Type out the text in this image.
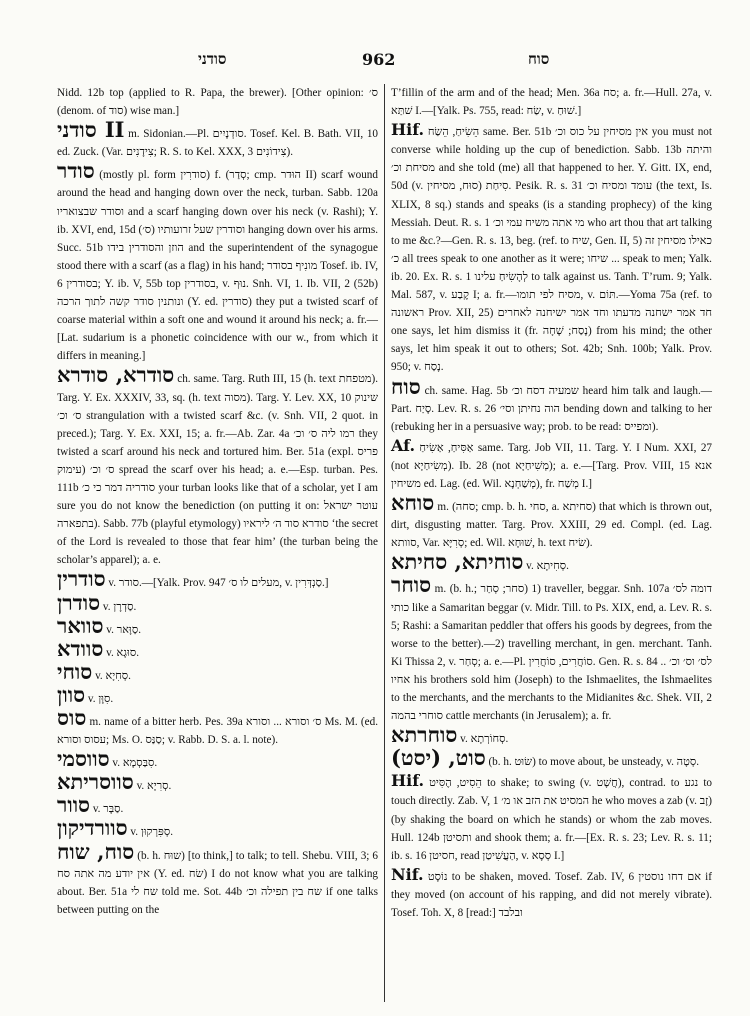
סודני	962	סוח

Nidd. 12b top (applied to R. Papa, the brewer). [Other opinion: ס׳ (denom. of סוד) wise man.]

סודני II m. Sidonian.—Pl. סודְנָיִים. Tosef. Kel. B. Bath. VII, 10 ed. Zuck. (Var. צִידָנִים; R. S. to Kel. XXX, 3 צִידוֹנִים).

סודר (mostly pl. form סודרִין) f. (סְדַר; cmp. הוּדר II) scarf wound around the head and hanging down over the neck, turban. Sabb. 120a וסודר שבצואריו and a scarf hanging down over his neck (v. Rashi); Y. ib. XVI, end, 15d וסודרין שעל זרועותיו (ס׳) hanging down over his arms. Succ. 51b הוזן והסודרין בידו and the superintendent of the synagogue stood there with a scarf (as a flag) in his hand; מונִיף בסודר Tosef. ib. IV, 6 בסודרין; Y. ib. V, 55b top בסודרין, v. נוּף. Snh. VI, 1. Ib. VII, 2 (52b) ונותנין סודר קשה לתוך הרכה (Y. ed. סודרין) they put a twisted scarf of coarse material within a soft one and wound it around his neck; a. fr.—[Lat. sudarium is a phonetic coincidence with our w., from which it differs in meaning.]

סודרא, סודרא ch. same. Targ. Ruth III, 15 (h. text מטפחת). Targ. Y. Ex. XXXIV, 33, sq. (h. text מסוה). Targ. Y. Lev. XX, 10 שינוק ס׳ וכ׳ strangulation with a twisted scarf &c. (v. Snh. VII, 2 quot. in preced.); Targ. Y. Ex. XXI, 15; a. fr.—Ab. Zar. 4a רמו ליה ס׳ וכ׳ they twisted a scarf around his neck and tortured him. Ber. 51a (expl. פריס ס׳ וכ׳ (עימוק spread the scarf over his head; a. e.—Esp. turban. Pes. 111b סודריה דמר כי כ׳ your turban looks like that of a scholar, yet I am sure you do not know the benediction (on putting it on: עוטר ישראל בתפארה). Sabb. 77b (playful etymology) סודרא סוד ה׳ ליראיו ‘the secret of the Lord is revealed to those that fear him’ (the turban being the scholar’s apparel); a. e.

סודרין v. סודר.—[Yalk. Prov. 947 מעלים לו ס׳, v. סַנְדְּרִין.]

סודרן v. סַדְרָן.

סוואר v. סַוָּאר.

סוודא v. סוּגָא.

סוחי v. סְחִיָא.

סוון v. סִוָּן.

סוס m. name of a bitter herb. Pes. 39a ס׳ וסורא ... וסורא Ms. M. (ed. עסוס וסורא; Ms. O. סַנַּס; v. Rabb. D. S. a. l. note).

סווסמי v. סִבַּסְמָא.

סווסריתא v. סְרִיָא.

סוור v. סַבָּר.

סוורדיקון v. סְפִּרְקוּן.

סוח, שוח (b. h. שוּח) [to think,] to talk; to tell. Shebu. VIII, 3; 6 אין יודע מה אתה סח (Y. ed. שׂח) I do not know what you are talking about. Ber. 51a שח לי told me. Sot. 44b שח בין תפילה וכ׳ if one talks between putting on the

T’fillin of the arm and of the head; Men. 36a סח; a. fr.—Hull. 27a, v. שׁתַּא I.—[Yalk. Ps. 755, read: שַׂח, v. שׁוּחַ.]

Hif. הֵשִׂיחַ, הֵשַׂח same. Ber. 51b אין מסיחין על כוס וכ׳ you must not converse while holding up the cup of benediction. Sabb. 13b והיתה מסיחת וכ׳ and she told (me) all that happened to her. Y. Gitt. IX, end, 50d (v. סוּח, מסיחין) סִיחַת. Pesik. R. s. 31 עומד ומסיח וכ׳ (the text, Is. XLIX, 8 sq.) stands and speaks (is a standing prophecy) of the king Messiah. Deut. R. s. 1 מי אתה משיח עמי וכ׳ who art thou that art talking to me &c.?—Gen. R. s. 13, beg. (ref. to שיח, Gen. II, 5) כאילו מסיחין זה כ׳ all trees speak to one another as it were; שיחו ... speak to men; Yalk. ib. 20. Ex. R. s. 1 לְהָשִׂיחַ עלינו to talk against us. Tanh. T’rum. 9; Yalk. Mal. 587, v. קֶבַע I; a. fr.—מסיח לפי תומו, v. תּוֹם.—Yoma 75a (ref. to ראשונה Prov. XII, 25) חד אמר ישחנה מדעתו וחד אמר ישיחנה לאחרים one says, let him dismiss it (fr. נָסַח; שָׁחָה) from his mind; the other says, let him speak it out to others; Sot. 42b; Snh. 100b; Yalk. Prov. 950; v. נָסַח.

סוח ch. same. Hag. 5b שמעיה דסח וכ׳ heard him talk and laugh.—Part. סָיַח. Lev. R. s. 26 הוה נחיתן וסי׳ bending down and talking to her (rebuking her in a persuasive way; prob. to be read: ומפייס).

Af. אַסִּיחַ, אַשִׂיחַ same. Targ. Job VII, 11. Targ. Y. I Num. XXI, 27 (not מְשִׂיחַיָא). Ib. 28 (not מְשִׁיחַיָא); a. e.—[Targ. Prov. VIII, 15 אנא משיחין ed. Lag. (ed. Wil. מְשַׁחְנָא), fr. מְשַׁח I.]

סוחא m. (סחה; cmp. b. h. סחי, a. סחיתא) that which is thrown out, dirt, disgusting matter. Targ. Prov. XXIII, 29 ed. Compl. (ed. Lag. סוותא, Var. סְרִיָּא; ed. Wil. שׁוּחָא, h. text שׂיח).

סוחיתא, סחיתא v. סְחִיתָא.

סוחר m. (b. h.; סחר; סְחַר) 1) traveller, beggar. Snh. 107a דומה לס׳ כותי like a Samaritan beggar (v. Midr. Till. to Ps. XIX, end, a. Lev. R. s. 5; Rashi: a Samaritan peddler that offers his goods by degrees, from the worse to the better).—2) travelling merchant, in gen. merchant. Tanh. Ki Thissa 2, v. סְחַר; a. e.—Pl. סוֹחֲרִים, סוֹחֲרִין. Gen. R. s. 84 לס׳ וס׳ וכ׳ .. אחיו his brothers sold him (Joseph) to the Ishmaelites, the Ishmaelites to the merchants, and the merchants to the Midianites &c. Shek. VII, 2 סוחרי בהמה cattle merchants (in Jerusalem); a. fr.

סוחרתא v. סְחוֹרְתָא.

סוט, (יסט) (b. h. שׂוּט) to move about, be unsteady, v. סְטָה.

Hif. הֵסִיט, הֶסִּיט to shake; to swing (v. חֲשָׁט), contrad. to נגע to touch directly. Zab. V, 1 המסיט את הזב או מ׳ he who moves a zab (v. זָב) (by shaking the board on which he stands) or whom the zab moves. Hull. 124b ותסיטן and shook them; a. fr.—[Ex. R. s. 23; Lev. R. s. 11; ib. s. 16 חסיטן, read הַעֲשִׁיטַן, v. סְסָא I.]

Nif. נוֹסָט to be shaken, moved. Tosef. Zab. IV, 6 אם דחו נוסטין if they moved (on account of his rapping, and did not merely vibrate). Tosef. Toh. X, 8 [read:] ובלבד
